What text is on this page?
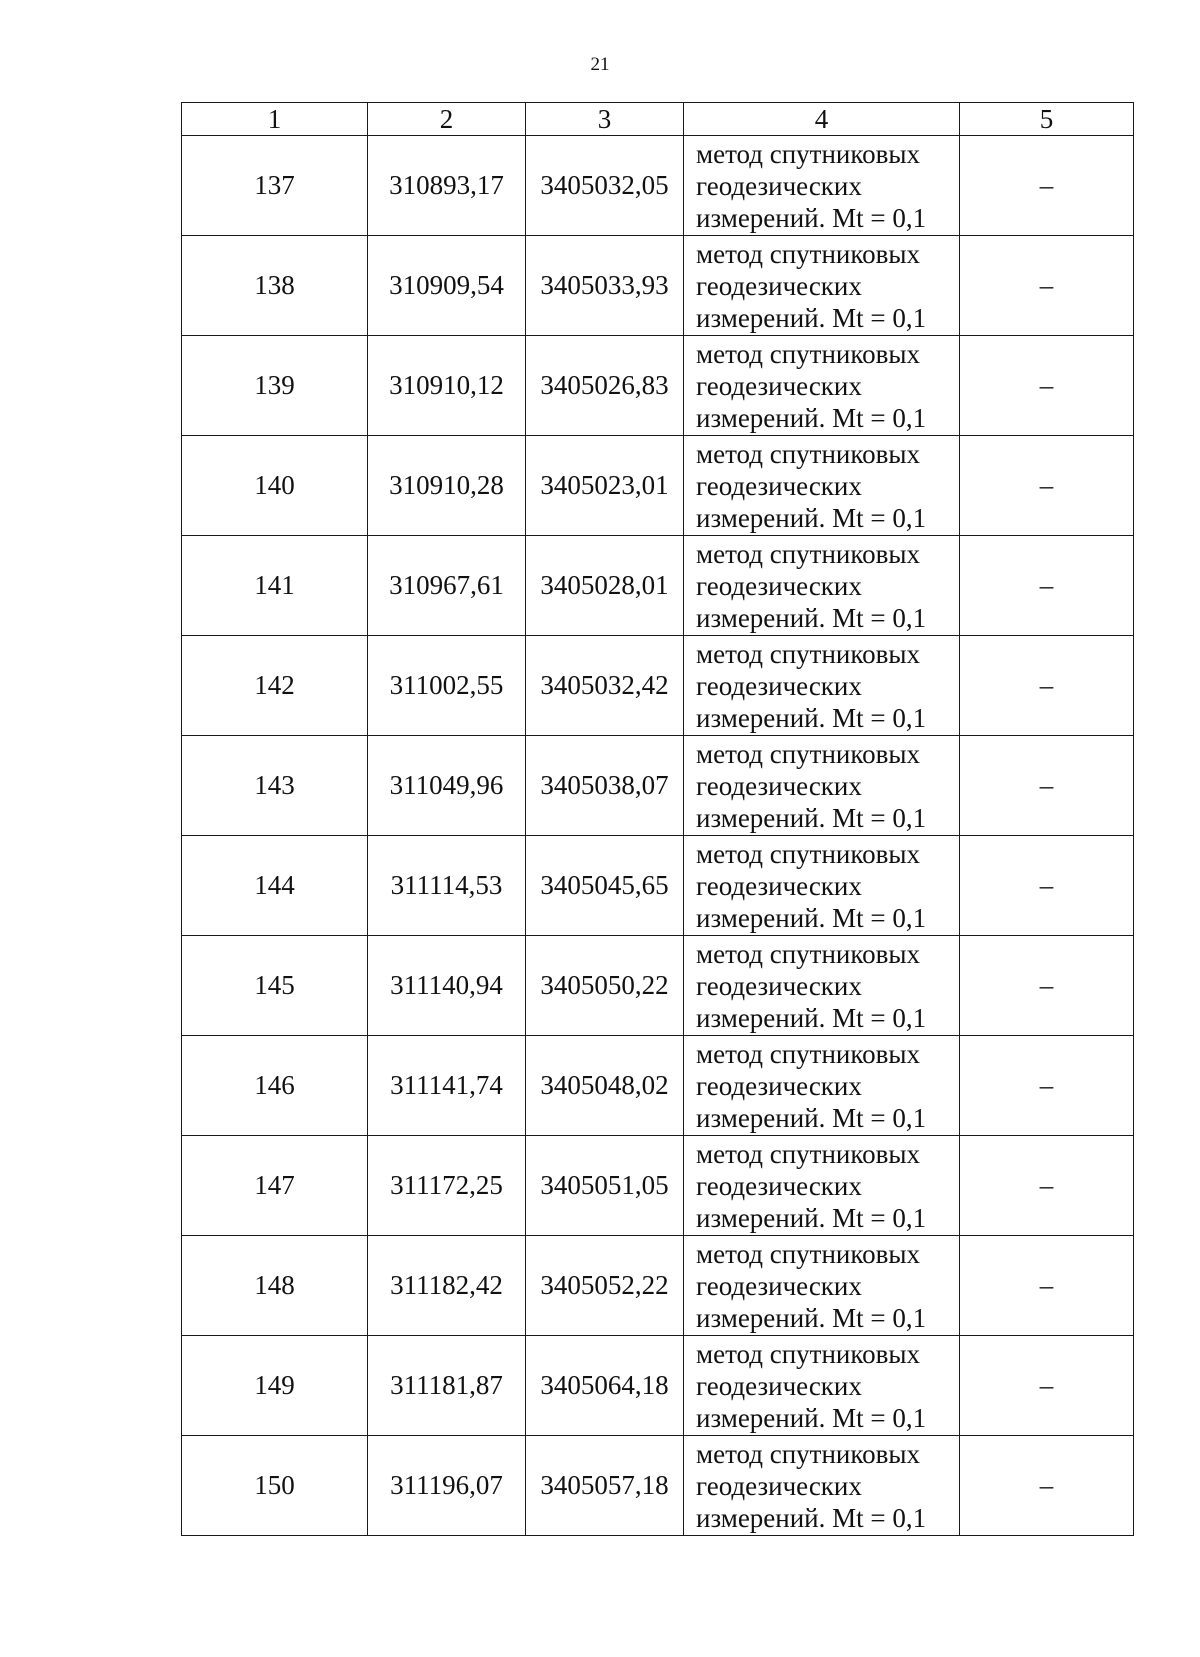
21
1	2	3	4	5
137	310893,17	3405032,05	метод спутниковых
геодезических
измерений. Mt = 0,1	–
138	310909,54	3405033,93	метод спутниковых
геодезических
измерений. Mt = 0,1	–
139	310910,12	3405026,83	метод спутниковых
геодезических
измерений. Mt = 0,1	–
140	310910,28	3405023,01	метод спутниковых
геодезических
измерений. Mt = 0,1	–
141	310967,61	3405028,01	метод спутниковых
геодезических
измерений. Mt = 0,1	–
142	311002,55	3405032,42	метод спутниковых
геодезических
измерений. Mt = 0,1	–
143	311049,96	3405038,07	метод спутниковых
геодезических
измерений. Mt = 0,1	–
144	311114,53	3405045,65	метод спутниковых
геодезических
измерений. Mt = 0,1	–
145	311140,94	3405050,22	метод спутниковых
геодезических
измерений. Mt = 0,1	–
146	311141,74	3405048,02	метод спутниковых
геодезических
измерений. Mt = 0,1	–
147	311172,25	3405051,05	метод спутниковых
геодезических
измерений. Mt = 0,1	–
148	311182,42	3405052,22	метод спутниковых
геодезических
измерений. Mt = 0,1	–
149	311181,87	3405064,18	метод спутниковых
геодезических
измерений. Mt = 0,1	–
150	311196,07	3405057,18	метод спутниковых
геодезических
измерений. Mt = 0,1	–
